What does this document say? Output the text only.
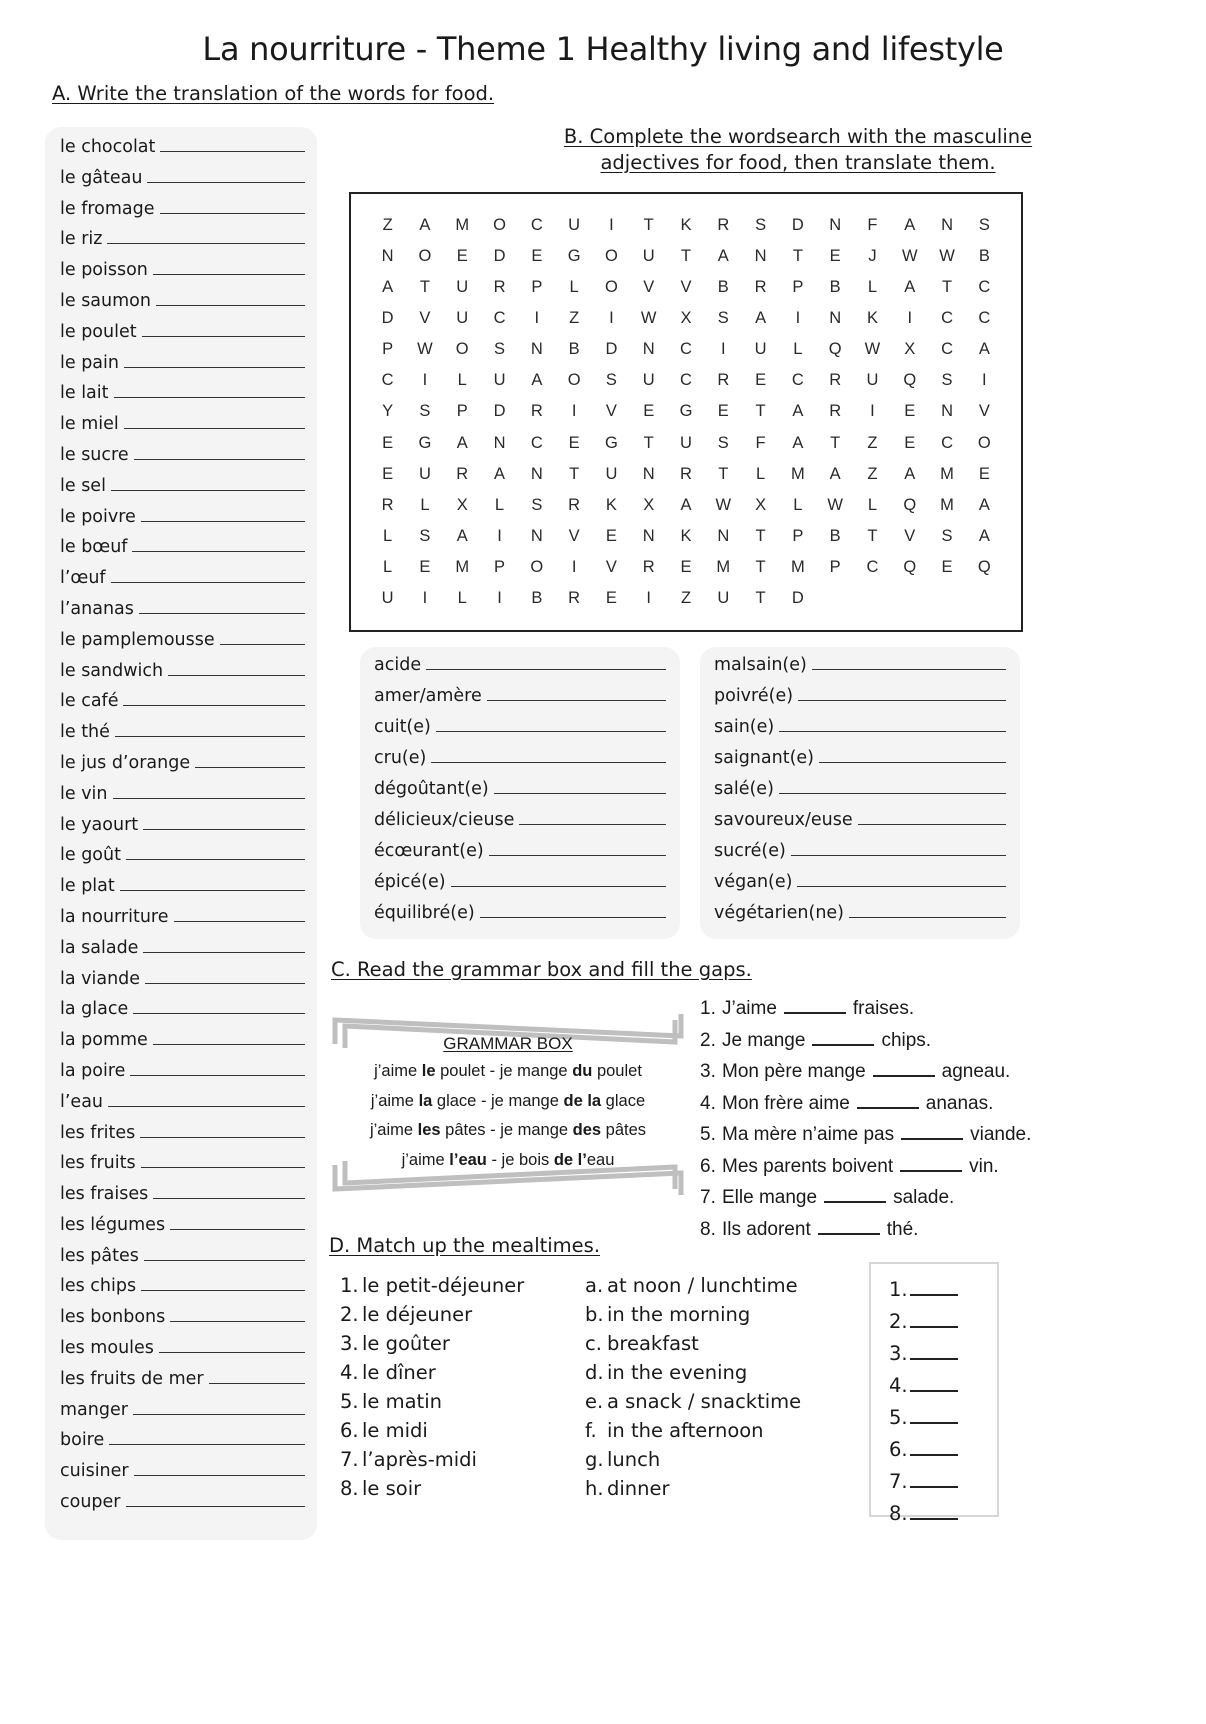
La nourriture - Theme 1 Healthy living and lifestyle
A. Write the translation of the words for food.
B. Complete the wordsearch with the masculine
adjectives for food, then translate them.
C. Read the grammar box and fill the gaps.
D. Match up the mealtimes.
le chocolat
le gâteau
le fromage
le riz
le poisson
le saumon
le poulet
le pain
le lait
le miel
le sucre
le sel
le poivre
le bœuf
l’œuf
l’ananas
le pamplemousse
le sandwich
le café
le thé
le jus d’orange
le vin
le yaourt
le goût
le plat
la nourriture
la salade
la viande
la glace
la pomme
la poire
l’eau
les frites
les fruits
les fraises
les légumes
les pâtes
les chips
les bonbons
les moules
les fruits de mer
manger
boire
cuisiner
couper
Z A M O C U I T K R S D N F A N S
N O E D E G O U T A N T E J W W B
A T U R P L O V V B R P B L A T C
D V U C I Z I W X S A I N K I C C
P W O S N B D N C I U L Q W X C A
C I L U A O S U C R E C R U Q S I
Y S P D R I V E G E T A R I E N V
E G A N C E G T U S F A T Z E C O
E U R A N T U N R T L M A Z A M E
R L X L S R K X A W X L W L Q M A
L S A I N V E N K N T P B T V S A
L E M P O I V R E M T M P C Q E Q
U I L I B R E I Z U T D
acide
amer/amère
cuit(e)
cru(e)
dégoûtant(e)
délicieux/cieuse
écœurant(e)
épicé(e)
équilibré(e)
malsain(e)
poivré(e)
sain(e)
saignant(e)
salé(e)
savoureux/euse
sucré(e)
végan(e)
végétarien(ne)
GRAMMAR BOX
j’aime le poulet - je mange du poulet
j’aime la glace - je mange de la glace
j’aime les pâtes - je mange des pâtes
j’aime l’eau - je bois de l’eau
1. J’aime	fraises.
2. Je mange	chips.
3. Mon père mange	agneau.
4. Mon frère aime	ananas.
5. Ma mère n’aime pas	viande.
6. Mes parents boivent	vin.
7. Elle mange	salade.
8. Ils adorent	thé.
1. le petit-déjeuner
2. le déjeuner
3. le goûter
4. le dîner
5. le matin
6. le midi
7. l’après-midi
8. le soir
a. at noon / lunchtime
b. in the morning
c. breakfast
d. in the evening
e. a snack / snacktime
f. in the afternoon
g. lunch
h. dinner
1.
2.
3.
4.
5.
6.
7.
8.
